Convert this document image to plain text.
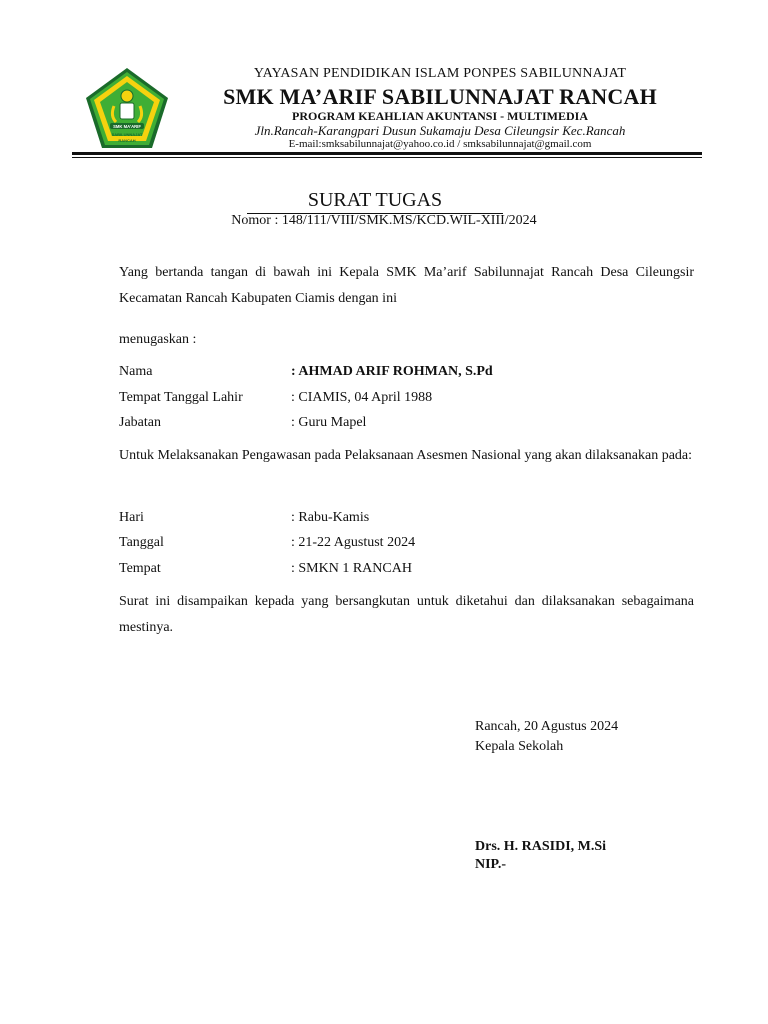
SMK MA'ARIF
SABILUNNAJAT
RANCAH
YAYASAN PENDIDIKAN ISLAM PONPES SABILUNNAJAT
SMK MA’ARIF SABILUNNAJAT RANCAH
PROGRAM KEAHLIAN AKUNTANSI - MULTIMEDIA
Jln.Rancah-Karangpari Dusun Sukamaju Desa Cileungsir Kec.Rancah
E-mail:smksabilunnajat@yahoo.co.id / smksabilunnajat@gmail.com
SURAT TUGAS
Nomor : 148/111/VIII/SMK.MS/KCD.WIL-XIII/2024
Yang bertanda tangan di bawah ini Kepala SMK Ma’arif Sabilunnajat Rancah Desa Cileungsir Kecamatan Rancah Kabupaten Ciamis dengan ini
menugaskan :
Nama	: AHMAD ARIF ROHMAN, S.Pd
Tempat Tanggal Lahir	: CIAMIS, 04 April 1988
Jabatan	: Guru Mapel
Untuk Melaksanakan Pengawasan pada Pelaksanaan Asesmen Nasional yang akan dilaksanakan pada:
Hari	: Rabu-Kamis
Tanggal	: 21-22 Agustust 2024
Tempat	: SMKN 1 RANCAH
Surat ini disampaikan kepada yang bersangkutan untuk diketahui dan dilaksanakan sebagaimana mestinya.
Rancah, 20 Agustus 2024
Kepala Sekolah
Drs. H. RASIDI, M.Si
NIP.-
